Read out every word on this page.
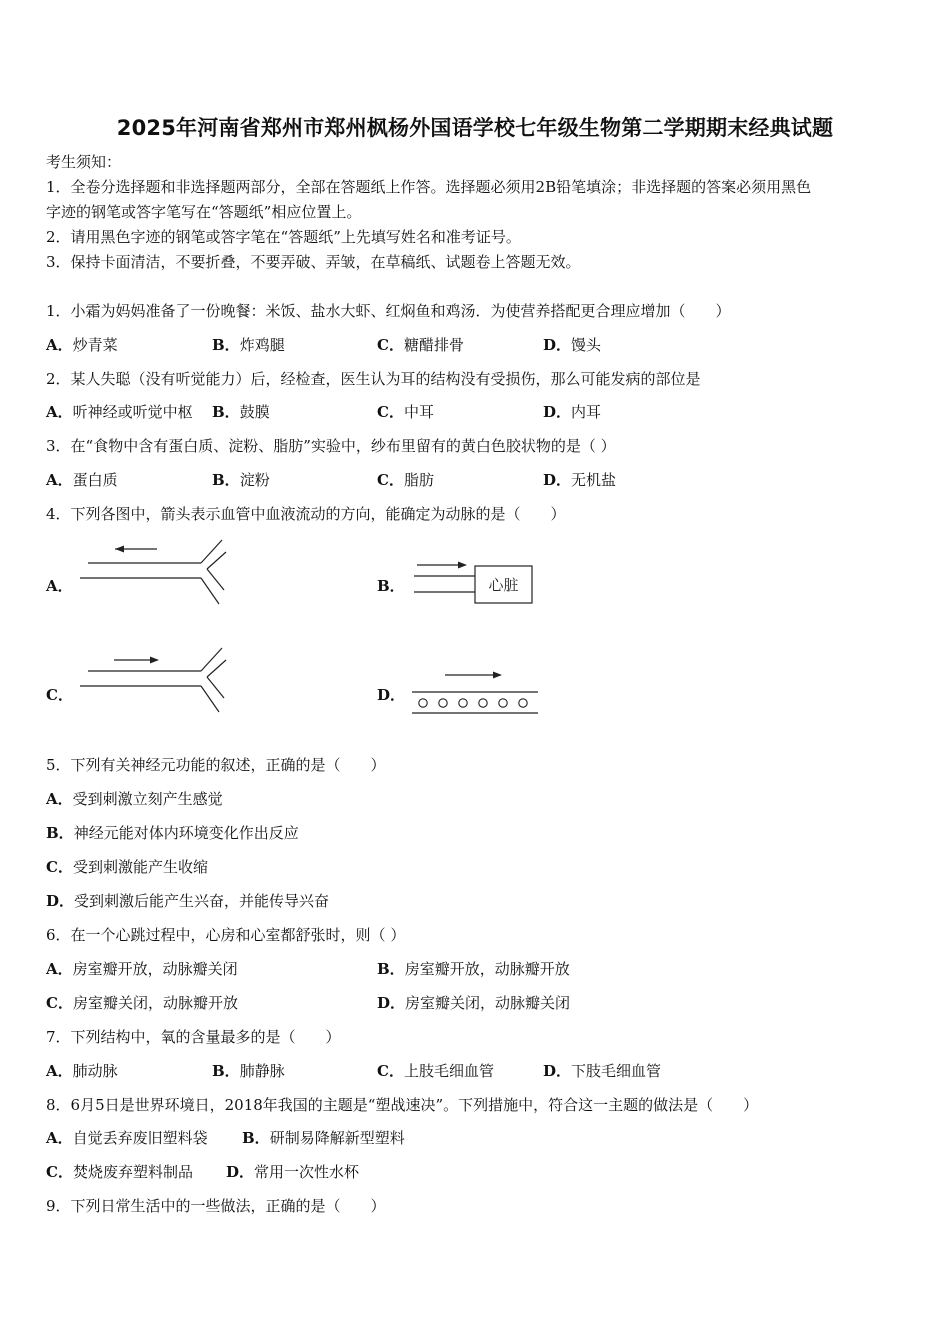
2025年河南省郑州市郑州枫杨外国语学校七年级生物第二学期期末经典试题
考生须知：
1．全卷分选择题和非选择题两部分，全部在答题纸上作答。选择题必须用2B铅笔填涂；非选择题的答案必须用黑色
字迹的钢笔或答字笔写在“答题纸”相应位置上。
2．请用黑色字迹的钢笔或答字笔在“答题纸”上先填写姓名和准考证号。
3．保持卡面清洁，不要折叠，不要弄破、弄皱，在草稿纸、试题卷上答题无效。
1．小霜为妈妈准备了一份晚餐：米饭、盐水大虾、红焖鱼和鸡汤．为使营养搭配更合理应增加（　　）
A．炒青菜	B．炸鸡腿	C．糖醋排骨	D．馒头
2．某人失聪（没有听觉能力）后，经检查，医生认为耳的结构没有受损伤，那么可能发病的部位是
A．听神经或听觉中枢 B．鼓膜	C．中耳	D．内耳
3．在“食物中含有蛋白质、淀粉、脂肪”实验中，纱布里留有的黄白色胶状物的是（ ）
A．蛋白质	B．淀粉	C．脂肪	D．无机盐
4．下列各图中，箭头表示血管中血液流动的方向，能确定为动脉的是（　　）
A．	B．	心脏
C．	D．
5．下列有关神经元功能的叙述，正确的是（　　）
A．受到刺激立刻产生感觉
B．神经元能对体内环境变化作出反应
C．受到刺激能产生收缩
D．受到刺激后能产生兴奋，并能传导兴奋
6．在一个心跳过程中，心房和心室都舒张时，则（ ）
A．房室瓣开放，动脉瓣关闭	B．房室瓣开放，动脉瓣开放
C．房室瓣关闭，动脉瓣开放	D．房室瓣关闭，动脉瓣关闭
7．下列结构中，氧的含量最多的是（　　）
A．肺动脉	B．肺静脉	C．上肢毛细血管	D．下肢毛细血管
8．6月5日是世界环境日，2018年我国的主题是“塑战速决”。下列措施中，符合这一主题的做法是（　　）
A．自觉丢弃废旧塑料袋 B．研制易降解新型塑料
C．焚烧废弃塑料制品 D．常用一次性水杯
9．下列日常生活中的一些做法，正确的是（　　）
